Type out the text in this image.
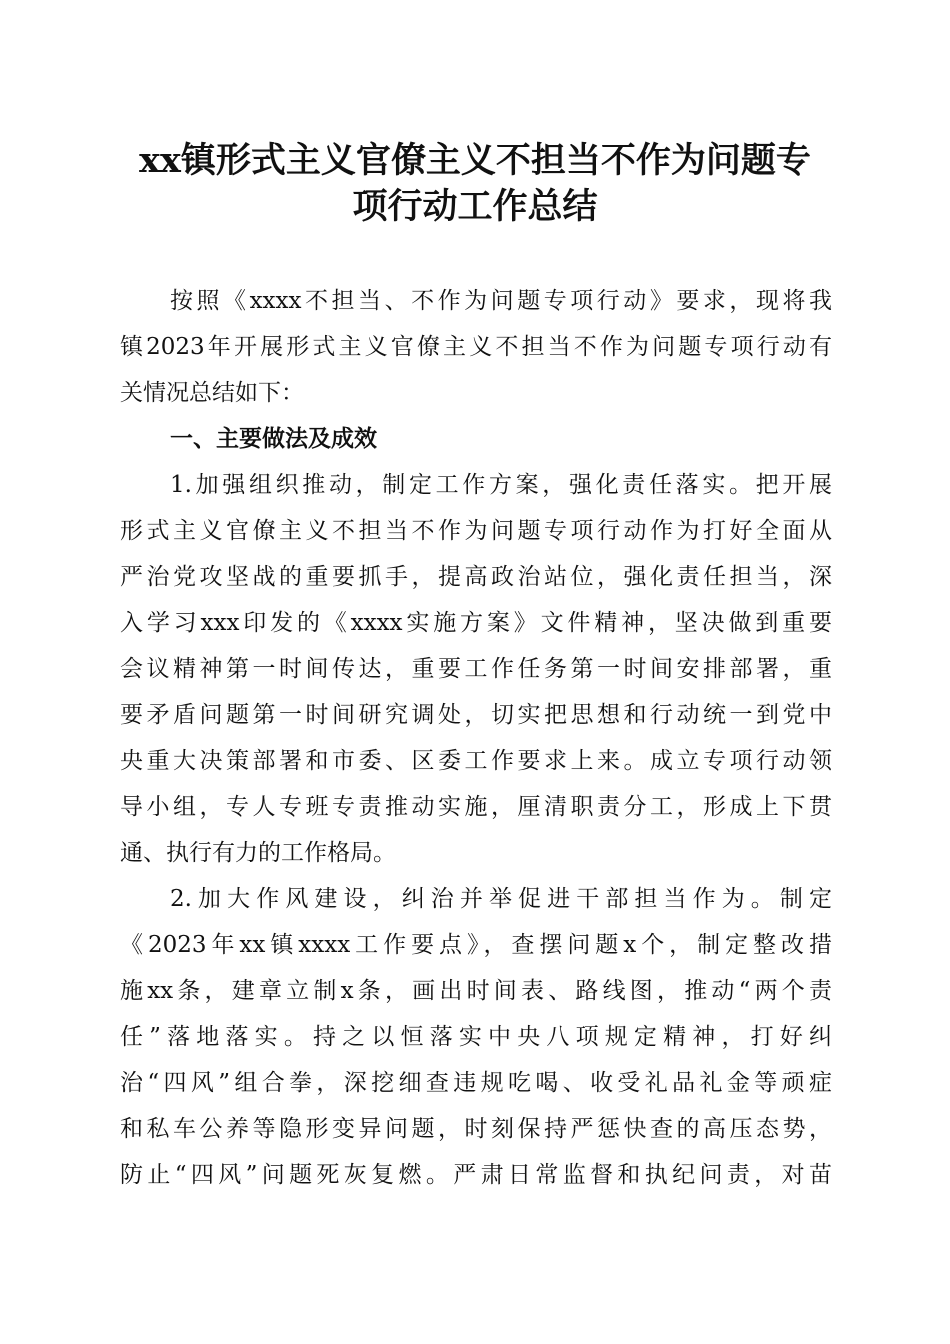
xx镇形式主义官僚主义不担当不作为问题专
项行动工作总结
按照《xxxx不担当、不作为问题专项行动》要求，现将我
镇2023年开展形式主义官僚主义不担当不作为问题专项行动有
关情况总结如下：
一、主要做法及成效
1.加强组织推动，制定工作方案，强化责任落实。把开展
形式主义官僚主义不担当不作为问题专项行动作为打好全面从
严治党攻坚战的重要抓手，提高政治站位，强化责任担当，深
入学习xxx印发的《xxxx实施方案》文件精神，坚决做到重要
会议精神第一时间传达，重要工作任务第一时间安排部署，重
要矛盾问题第一时间研究调处，切实把思想和行动统一到党中
央重大决策部署和市委、区委工作要求上来。成立专项行动领
导小组，专人专班专责推动实施，厘清职责分工，形成上下贯
通、执行有力的工作格局。
2.加大作风建设，纠治并举促进干部担当作为。制定
《2023年xx镇xxxx工作要点》，查摆问题x个，制定整改措
施xx条，建章立制x条，画出时间表、路线图，推动“两个责
任”落地落实。持之以恒落实中央八项规定精神，打好纠
治“四风”组合拳，深挖细查违规吃喝、收受礼品礼金等顽症
和私车公养等隐形变异问题，时刻保持严惩快查的高压态势，
防止“四风”问题死灰复燃。严肃日常监督和执纪问责，对苗
